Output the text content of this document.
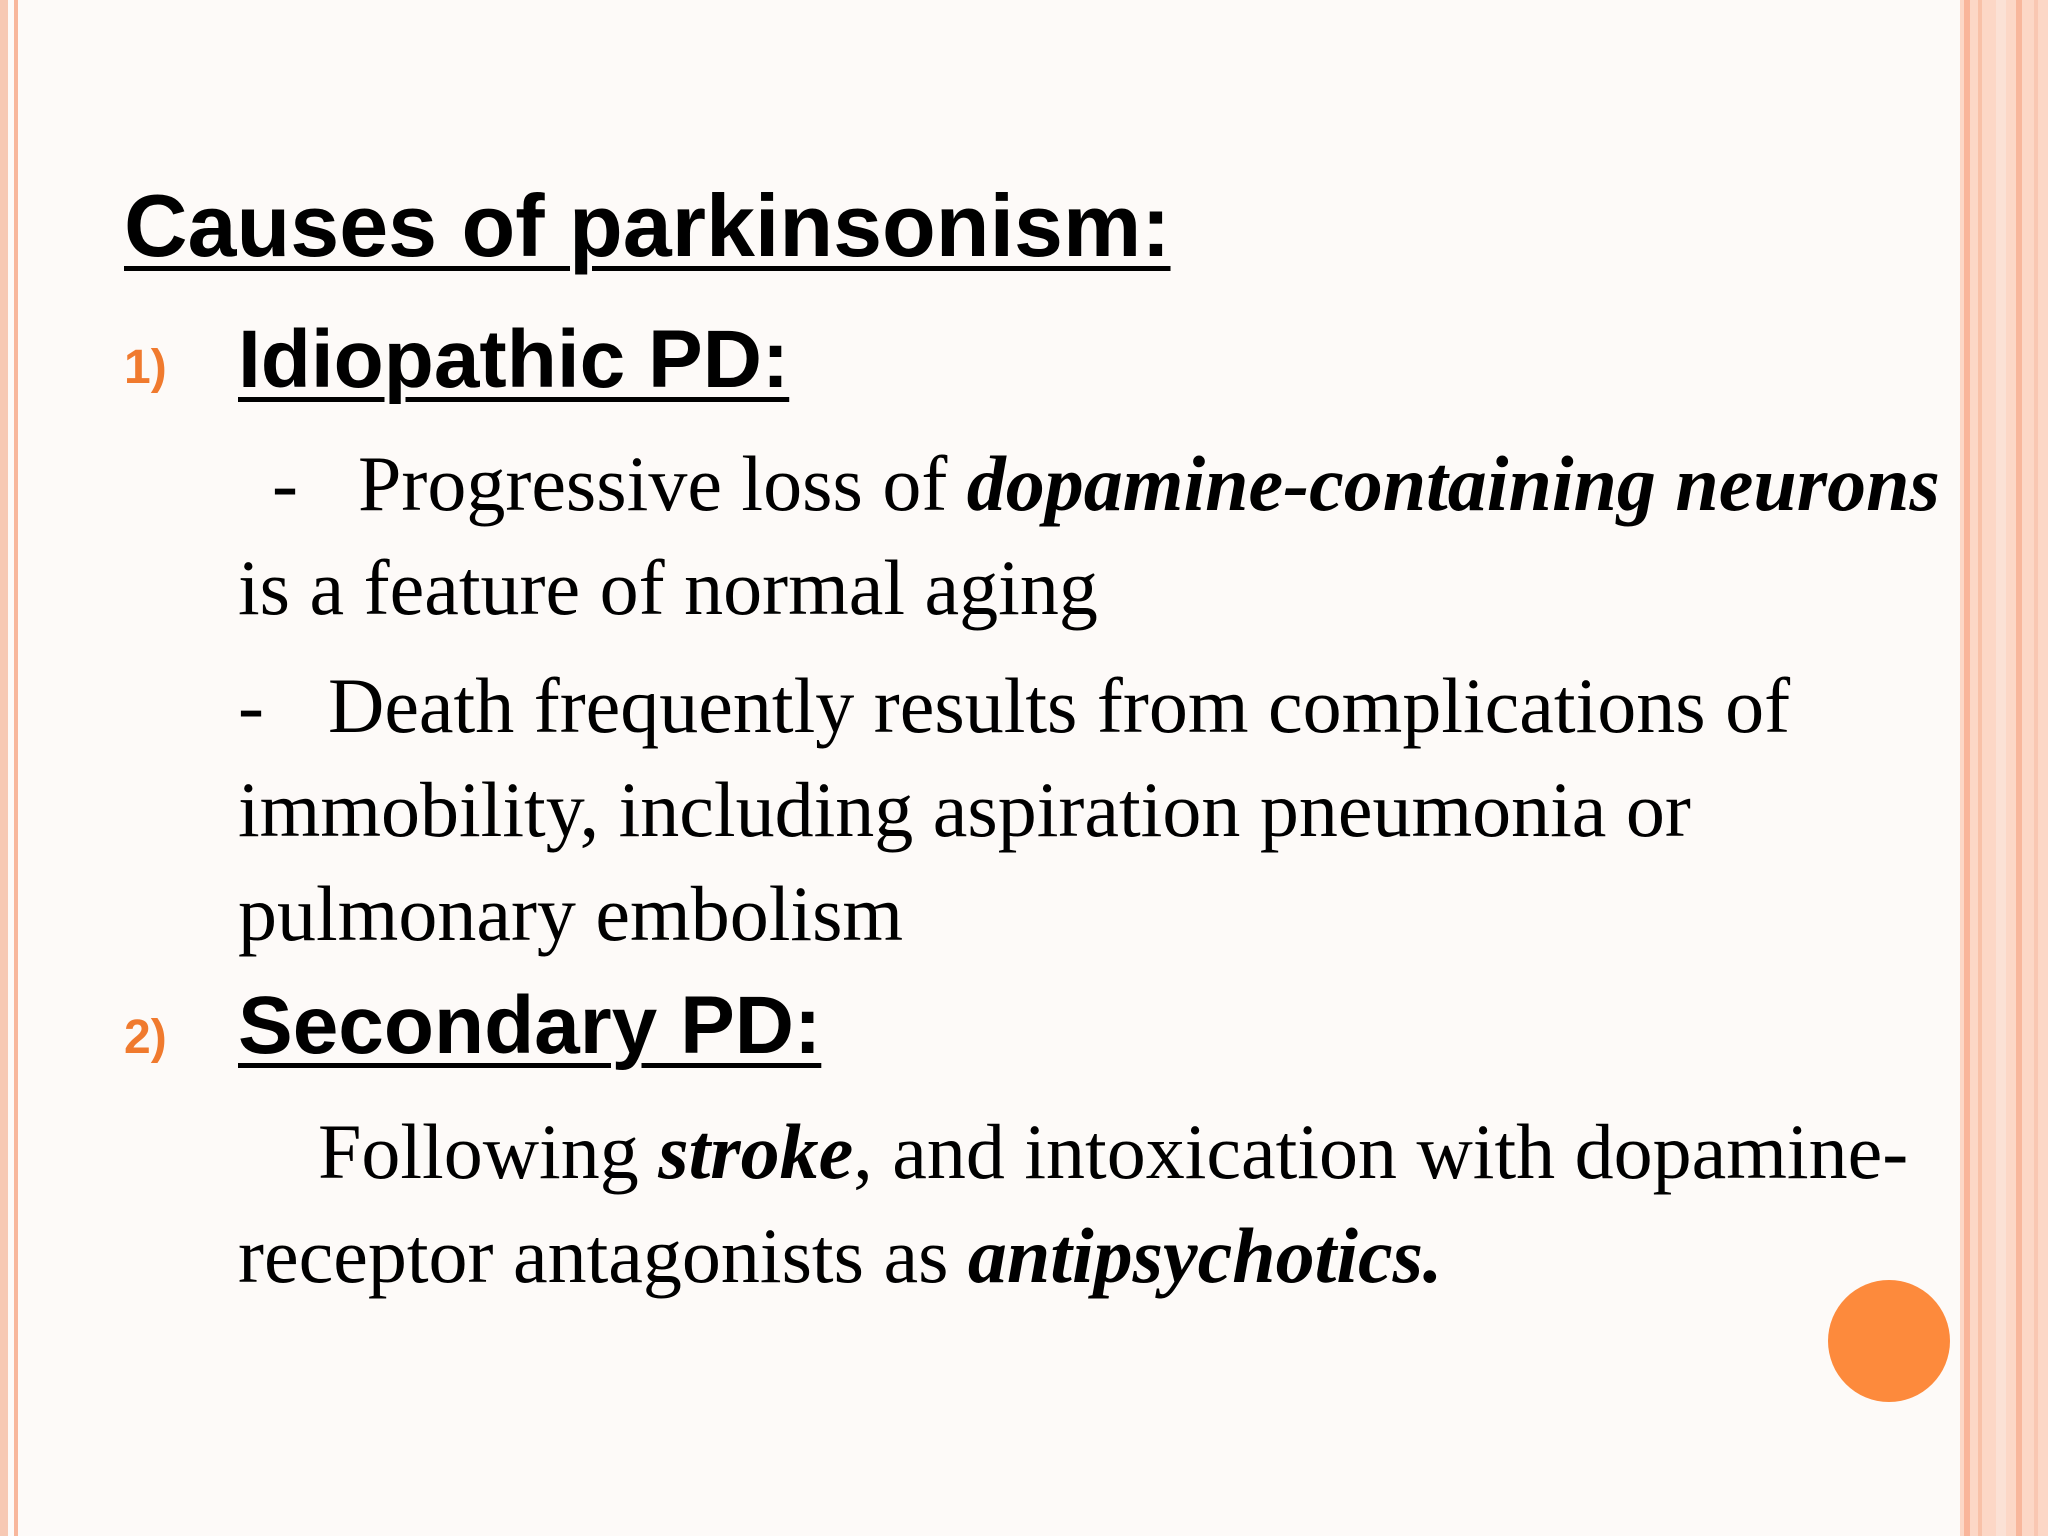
Causes of parkinsonism:
1) Idiopathic PD:

- Progressive loss of dopamine-containing neurons is a feature of normal aging

- Death frequently results from complications of immobility, including aspiration pneumonia or pulmonary embolism

2) Secondary PD:

Following stroke, and intoxication with dopamine-receptor antagonists as antipsychotics.
